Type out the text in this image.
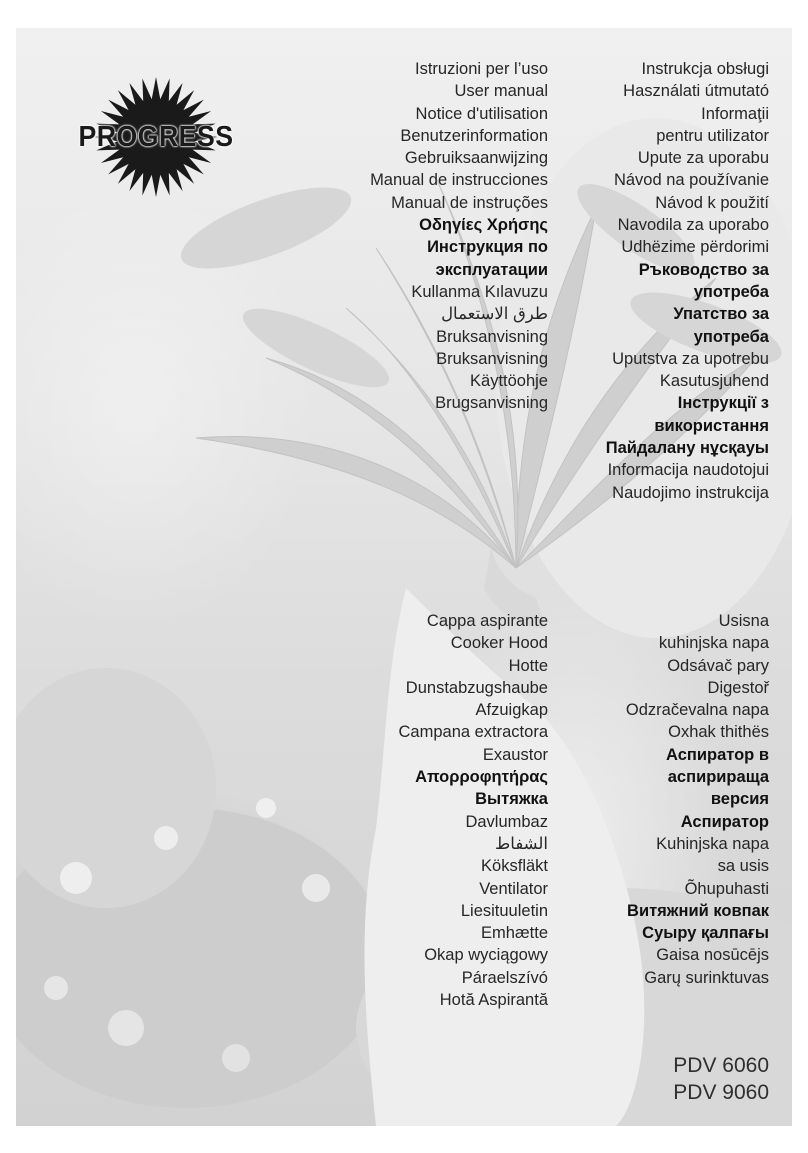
PROGRESS
Istruzioni per l’uso
User manual
Notice d'utilisation
Benutzerinformation
Gebruiksaanwijzing
Manual de instrucciones
Manual de instruções
Οδηγίες Χρήσης
Инструкция по
эксплуатации
Kullanma Kılavuzu
طرق الاستعمال
Bruksanvisning
Bruksanvisning
Käyttöohje
Brugsanvisning
Instrukcja obsługi
Használati útmutató
Informaţii
pentru utilizator
Upute za uporabu
Návod na používanie
Návod k použití
Navodila za uporabo
Udhëzime përdorimi
Ръководство за
употреба
Упатство за
употреба
Uputstva za upotrebu
Kasutusjuhend
Інструкції з
використання
Пайдалану нұсқауы
Informacija naudotojui
Naudojimo instrukcija
Cappa aspirante
Cooker Hood
Hotte
Dunstabzugshaube
Afzuigkap
Campana extractora
Exaustor
Απορροφητήρας
Вытяжка
Davlumbaz
الشفاط
Köksfläkt
Ventilator
Liesituuletin
Emhætte
Okap wyciągowy
Páraelszívó
Hotă Aspirantă
Usisna
kuhinjska napa
Odsávač pary
Digestoř
Odzračevalna napa
Oxhak thithës
Аспиратор в
аспирираща
версия
Аспиратор
Kuhinjska napa
sa usis
Õhupuhasti
Витяжний ковпак
Суыру қалпағы
Gaisa nosūcējs
Garų surinktuvas
PDV 6060
PDV 9060
